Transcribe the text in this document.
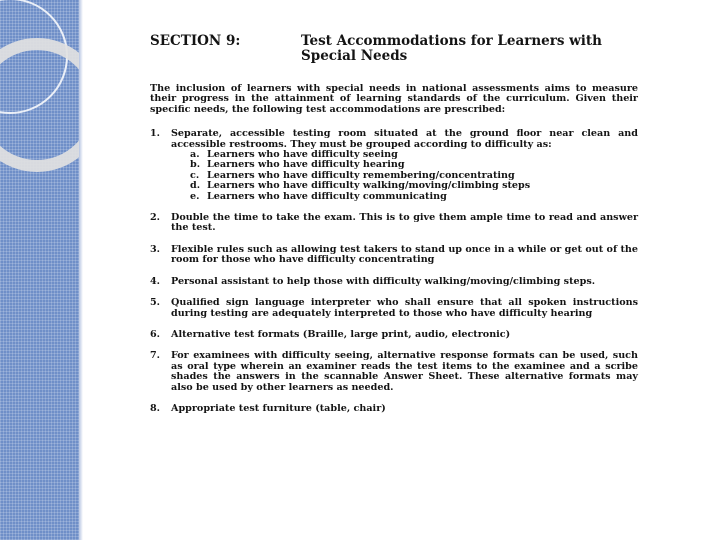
SECTION 9:	Test Accommodations for Learners with Special Needs
The inclusion of learners with special needs in national assessments aims to measure their progress in the attainment of learning standards of the curriculum. Given their specific needs, the following test accommodations are prescribed:
1.	Separate, accessible testing room situated at the ground floor near clean and accessible restrooms. They must be grouped according to difficulty as:
a. Learners who have difficulty seeing
b. Learners who have difficulty hearing
c. Learners who have difficulty remembering/concentrating
d. Learners who have difficulty walking/moving/climbing steps
e. Learners who have difficulty communicating
2.	Double the time to take the exam. This is to give them ample time to read and answer the test.
3.	Flexible rules such as allowing test takers to stand up once in a while or get out of the room for those who have difficulty concentrating
4.	Personal assistant to help those with difficulty walking/moving/climbing steps.
5.	Qualified sign language interpreter who shall ensure that all spoken instructions during testing are adequately interpreted to those who have difficulty hearing
6.	Alternative test formats (Braille, large print, audio, electronic)
7.	For examinees with difficulty seeing, alternative response formats can be used, such as oral type wherein an examiner reads the test items to the examinee and a scribe shades the answers in the scannable Answer Sheet. These alternative formats may also be used by other learners as needed.
8.	Appropriate test furniture (table, chair)
